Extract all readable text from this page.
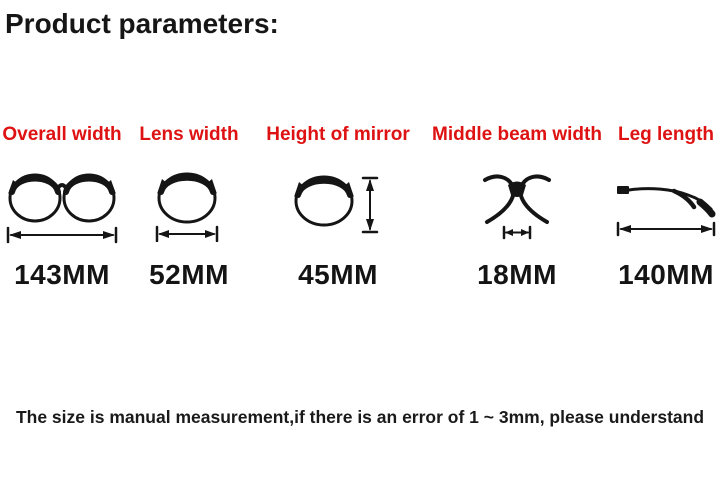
Product parameters:
Overall width
143MM
Lens width
52MM
Height of mirror
45MM
Middle beam width
18MM
Leg length
140MM
The size is manual measurement,if there is an error of 1 ~ 3mm, please understand
